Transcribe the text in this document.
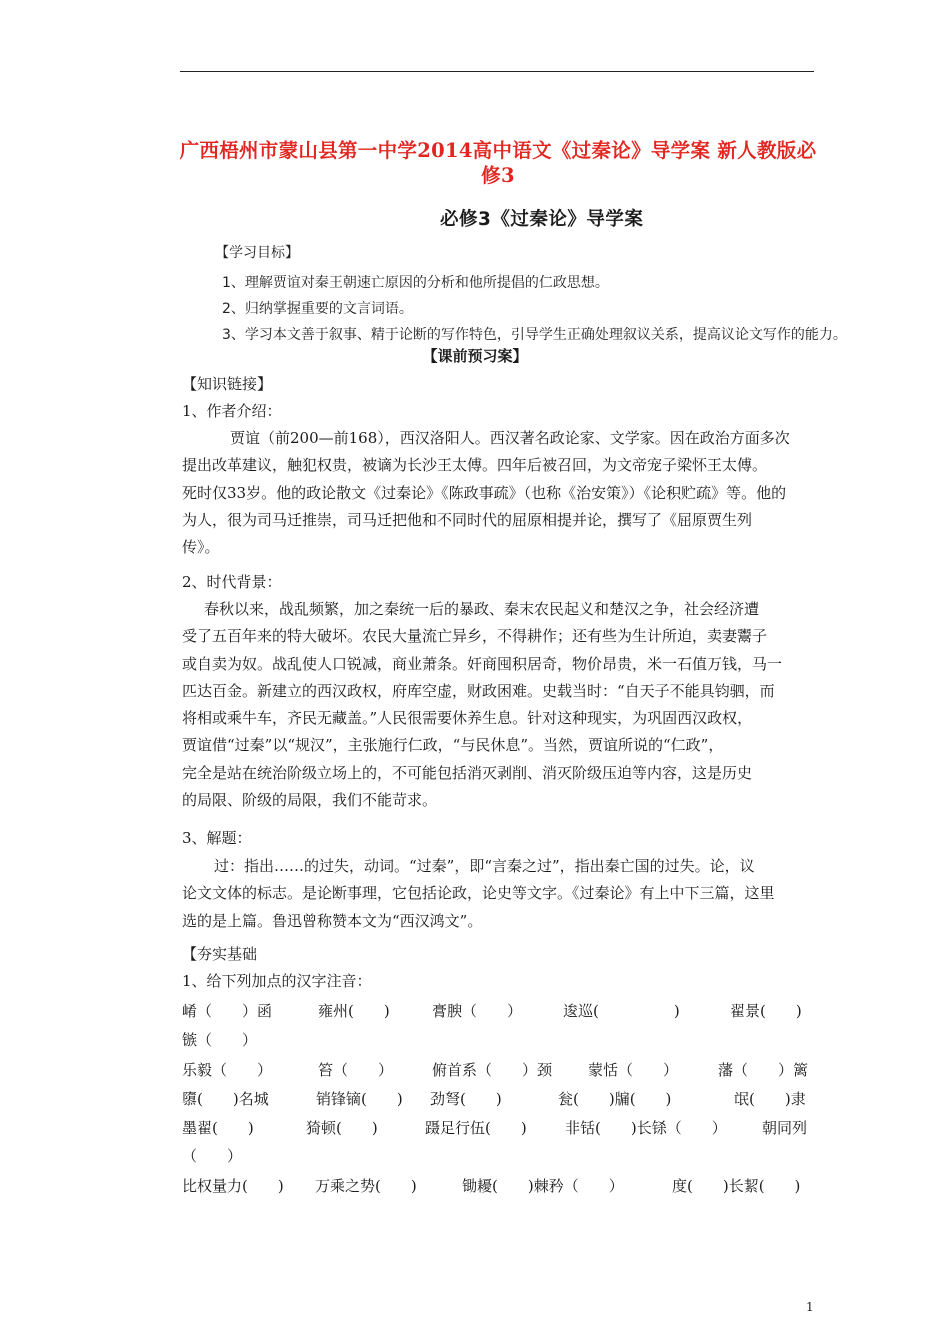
广西梧州市蒙山县第一中学2014高中语文《过秦论》导学案 新人教版必修3
必修3《过秦论》导学案
【学习目标】
1、理解贾谊对秦王朝速亡原因的分析和他所提倡的仁政思想。
2、归纳掌握重要的文言词语。
3、学习本文善于叙事、精于论断的写作特色，引导学生正确处理叙议关系，提高议论文写作的能力。
【课前预习案】
【知识链接】
1、作者介绍：
贾谊（前200—前168），西汉洛阳人。西汉著名政论家、文学家。因在政治方面多次
提出改革建议，触犯权贵，被谪为长沙王太傅。四年后被召回，为文帝宠子梁怀王太傅。
死时仅33岁。他的政论散文《过秦论》《陈政事疏》（也称《治安策》）《论积贮疏》等。他的
为人，很为司马迁推崇，司马迁把他和不同时代的屈原相提并论，撰写了《屈原贾生列
传》。
2、时代背景：
春秋以来，战乱频繁，加之秦统一后的暴政、秦末农民起义和楚汉之争，社会经济遭
受了五百年来的特大破坏。农民大量流亡异乡，不得耕作；还有些为生计所迫，卖妻鬻子
或自卖为奴。战乱使人口锐减，商业萧条。奸商囤积居奇，物价昂贵，米一石值万钱，马一
匹达百金。新建立的西汉政权，府库空虚，财政困难。史载当时：“自天子不能具钧驷，而
将相或乘牛车，齐民无藏盖。”人民很需要休养生息。针对这种现实，为巩固西汉政权，
贾谊借“过秦”以“规汉”，主张施行仁政，“与民休息”。当然，贾谊所说的“仁政”，
完全是站在统治阶级立场上的，不可能包括消灭剥削、消灭阶级压迫等内容，这是历史
的局限、阶级的局限，我们不能苛求。
3、解题：
过：指出……的过失，动词。“过秦”，即“言秦之过”，指出秦亡国的过失。论，议
论文文体的标志。是论断事理，它包括论政，论史等文字。《过秦论》有上中下三篇，这里
选的是上篇。鲁迅曾称赞本文为“西汉鸿文”。
【夯实基础
1、给下列加点的汉字注音：
崤（　　）函	雍州(　　)	膏腴（　　）	逡巡(　　　　　)	翟景(　　)
镞（　　）
乐毅（　　）	笞（　　）	俯首系（　　）颈 蒙恬（　　）	藩（　　）篱
隳(　　)名城	销锋镝(　　) 劲弩(　　)	瓮(　　)牖(　　)	氓(　　)隶
墨翟(　　)	猗顿(　　)	蹑足行伍(　　)	非铦(　　)长铩（　　） 朝同列
（　　）
比权量力(　　) 万乘之势(　　)	锄耰(　　)棘矜（　　）	度(　　)长絜(　　)
1
